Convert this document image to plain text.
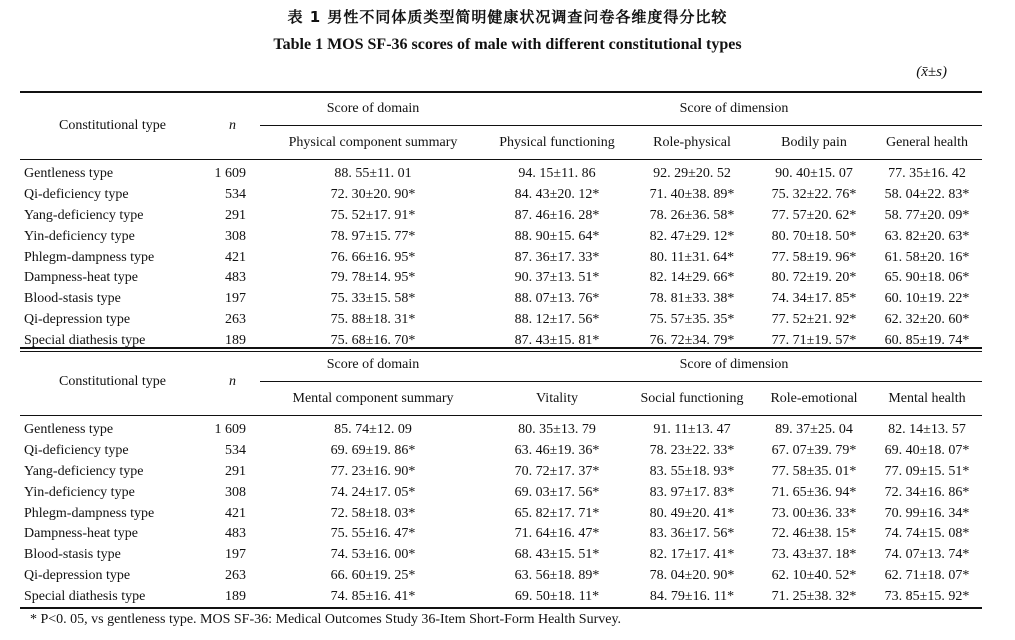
表 1 男性不同体质类型简明健康状况调查问卷各维度得分比较
Table 1 MOS SF-36 scores of male with different constitutional types
(x̄±s)
Constitutional type	n	Score of domain	Score of dimension			
		Physical component summary	Physical functioning	Role-physical	Bodily pain	General health
Gentleness type	1 609	88. 55±11. 01	94. 15±11. 86	92. 29±20. 52	90. 40±15. 07	77. 35±16. 42
Qi-deficiency type	534	72. 30±20. 90*	84. 43±20. 12*	71. 40±38. 89*	75. 32±22. 76*	58. 04±22. 83*
Yang-deficiency type	291	75. 52±17. 91*	87. 46±16. 28*	78. 26±36. 58*	77. 57±20. 62*	58. 77±20. 09*
Yin-deficiency type	308	78. 97±15. 77*	88. 90±15. 64*	82. 47±29. 12*	80. 70±18. 50*	63. 82±20. 63*
Phlegm-dampness type	421	76. 66±16. 95*	87. 36±17. 33*	80. 11±31. 64*	77. 58±19. 96*	61. 58±20. 16*
Dampness-heat type	483	79. 78±14. 95*	90. 37±13. 51*	82. 14±29. 66*	80. 72±19. 20*	65. 90±18. 06*
Blood-stasis type	197	75. 33±15. 58*	88. 07±13. 76*	78. 81±33. 38*	74. 34±17. 85*	60. 10±19. 22*
Qi-depression type	263	75. 88±18. 31*	88. 12±17. 56*	75. 57±35. 35*	77. 52±21. 92*	62. 32±20. 60*
Special diathesis type	189	75. 68±16. 70*	87. 43±15. 81*	76. 72±34. 79*	77. 71±19. 57*	60. 85±19. 74*
Constitutional type	n	Score of domain	Score of dimension			
		Mental component summary	Vitality	Social functioning	Role-emotional	Mental health
Gentleness type	1 609	85. 74±12. 09	80. 35±13. 79	91. 11±13. 47	89. 37±25. 04	82. 14±13. 57
Qi-deficiency type	534	69. 69±19. 86*	63. 46±19. 36*	78. 23±22. 33*	67. 07±39. 79*	69. 40±18. 07*
Yang-deficiency type	291	77. 23±16. 90*	70. 72±17. 37*	83. 55±18. 93*	77. 58±35. 01*	77. 09±15. 51*
Yin-deficiency type	308	74. 24±17. 05*	69. 03±17. 56*	83. 97±17. 83*	71. 65±36. 94*	72. 34±16. 86*
Phlegm-dampness type	421	72. 58±18. 03*	65. 82±17. 71*	80. 49±20. 41*	73. 00±36. 33*	70. 99±16. 34*
Dampness-heat type	483	75. 55±16. 47*	71. 64±16. 47*	83. 36±17. 56*	72. 46±38. 15*	74. 74±15. 08*
Blood-stasis type	197	74. 53±16. 00*	68. 43±15. 51*	82. 17±17. 41*	73. 43±37. 18*	74. 07±13. 74*
Qi-depression type	263	66. 60±19. 25*	63. 56±18. 89*	78. 04±20. 90*	62. 10±40. 52*	62. 71±18. 07*
Special diathesis type	189	74. 85±16. 41*	69. 50±18. 11*	84. 79±16. 11*	71. 25±38. 32*	73. 85±15. 92*
* P<0. 05, vs gentleness type. MOS SF-36: Medical Outcomes Study 36-Item Short-Form Health Survey.
